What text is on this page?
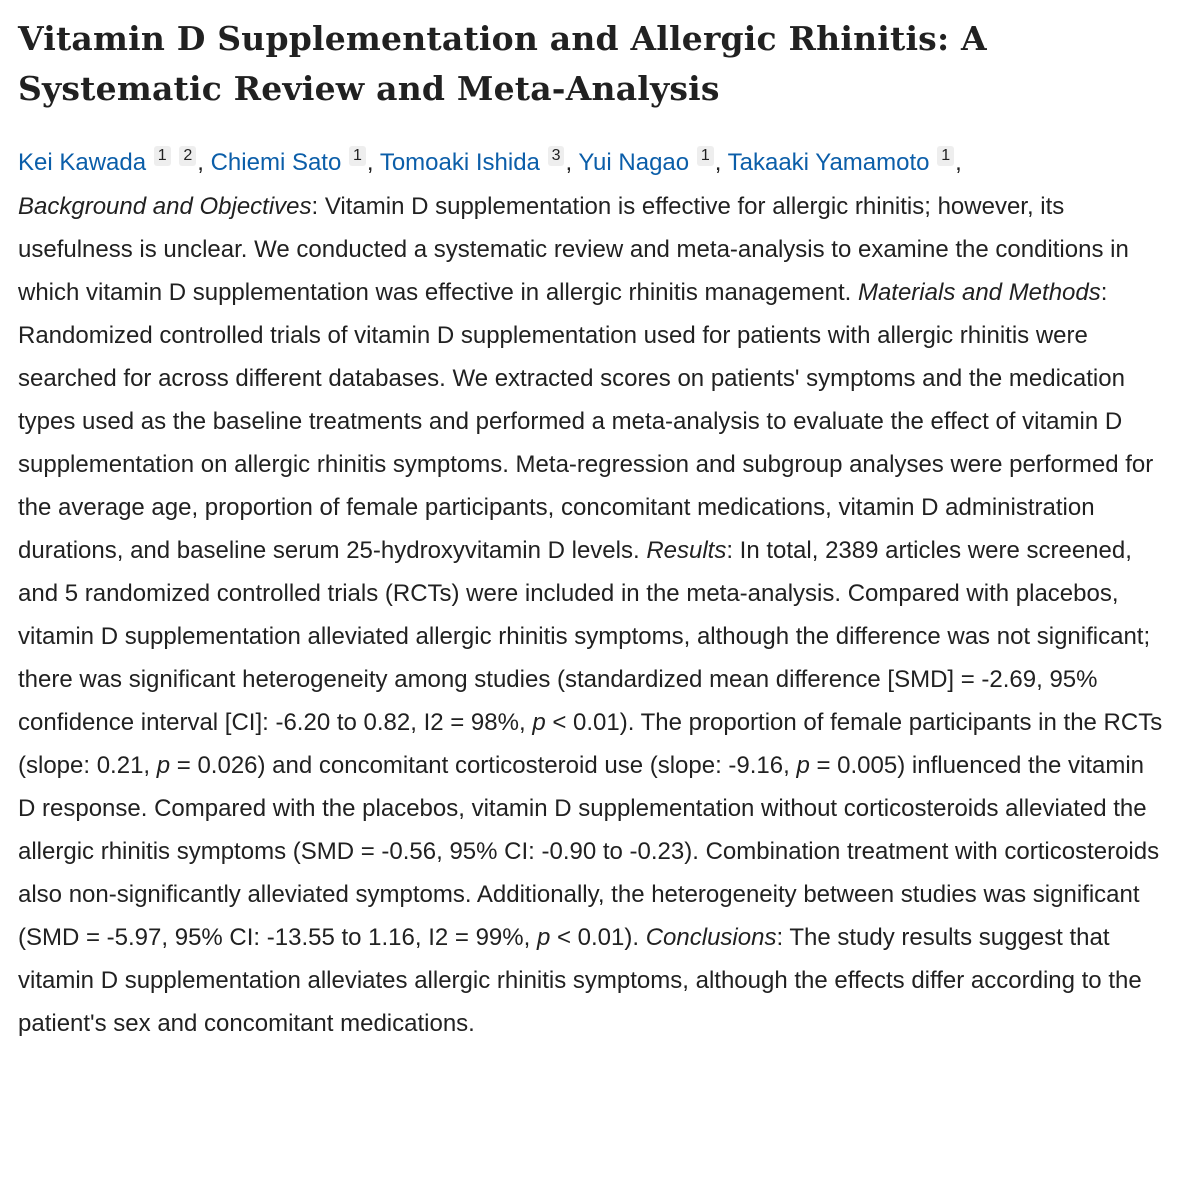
Vitamin D Supplementation and Allergic Rhinitis: A Systematic Review and Meta-Analysis
Kei Kawada 1 2 , Chiemi Sato 1 , Tomoaki Ishida 3 , Yui Nagao 1 , Takaaki Yamamoto 1 ,

Background and Objectives: Vitamin D supplementation is effective for allergic rhinitis; however, its usefulness is unclear. We conducted a systematic review and meta-analysis to examine the conditions in which vitamin D supplementation was effective in allergic rhinitis management. Materials and Methods: Randomized controlled trials of vitamin D supplementation used for patients with allergic rhinitis were searched for across different databases. We extracted scores on patients' symptoms and the medication types used as the baseline treatments and performed a meta-analysis to evaluate the effect of vitamin D supplementation on allergic rhinitis symptoms. Meta-regression and subgroup analyses were performed for the average age, proportion of female participants, concomitant medications, vitamin D administration durations, and baseline serum 25-hydroxyvitamin D levels. Results: In total, 2389 articles were screened, and 5 randomized controlled trials (RCTs) were included in the meta-analysis. Compared with placebos, vitamin D supplementation alleviated allergic rhinitis symptoms, although the difference was not significant; there was significant heterogeneity among studies (standardized mean difference [SMD] = -2.69, 95% confidence interval [CI]: -6.20 to 0.82, I2 = 98%, p < 0.01). The proportion of female participants in the RCTs (slope: 0.21, p = 0.026) and concomitant corticosteroid use (slope: -9.16, p = 0.005) influenced the vitamin D response. Compared with the placebos, vitamin D supplementation without corticosteroids alleviated the allergic rhinitis symptoms (SMD = -0.56, 95% CI: -0.90 to -0.23). Combination treatment with corticosteroids also non-significantly alleviated symptoms. Additionally, the heterogeneity between studies was significant (SMD = -5.97, 95% CI: -13.55 to 1.16, I2 = 99%, p < 0.01). Conclusions: The study results suggest that vitamin D supplementation alleviates allergic rhinitis symptoms, although the effects differ according to the patient's sex and concomitant medications.
